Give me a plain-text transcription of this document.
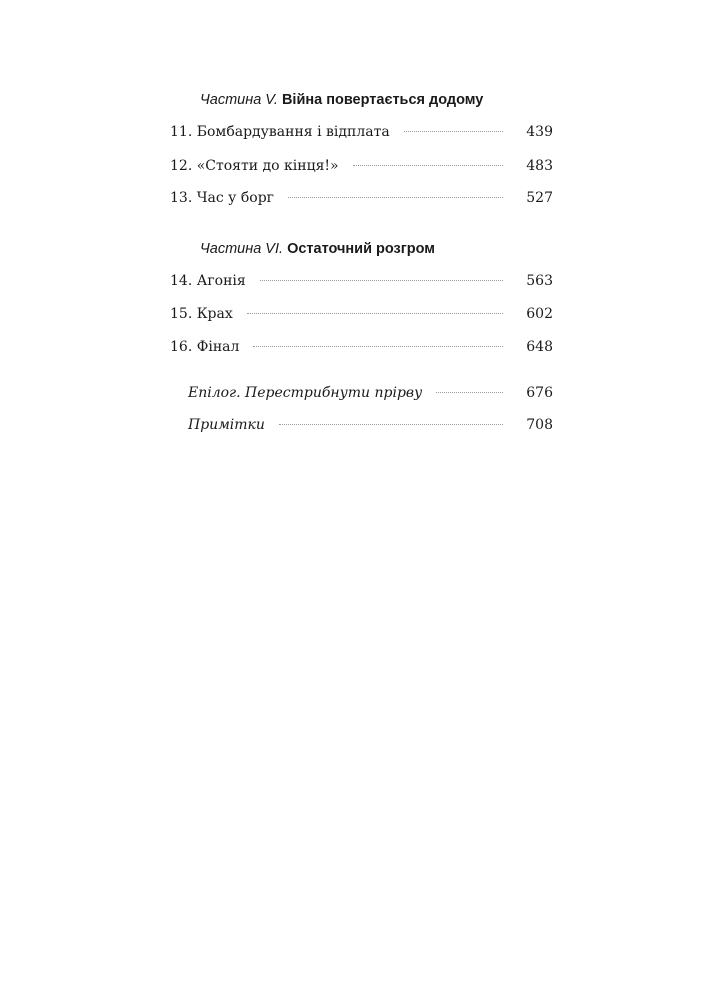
Частина V. Війна повертається додому
11. Бомбардування і відплата	439
12. «Стояти до кінця!»	483
13. Час у борг	527
Частина VI. Остаточний розгром
14. Агонія	563
15. Крах	602
16. Фінал	648
Епілог. Перестрибнути прірву	676
Примітки	708
